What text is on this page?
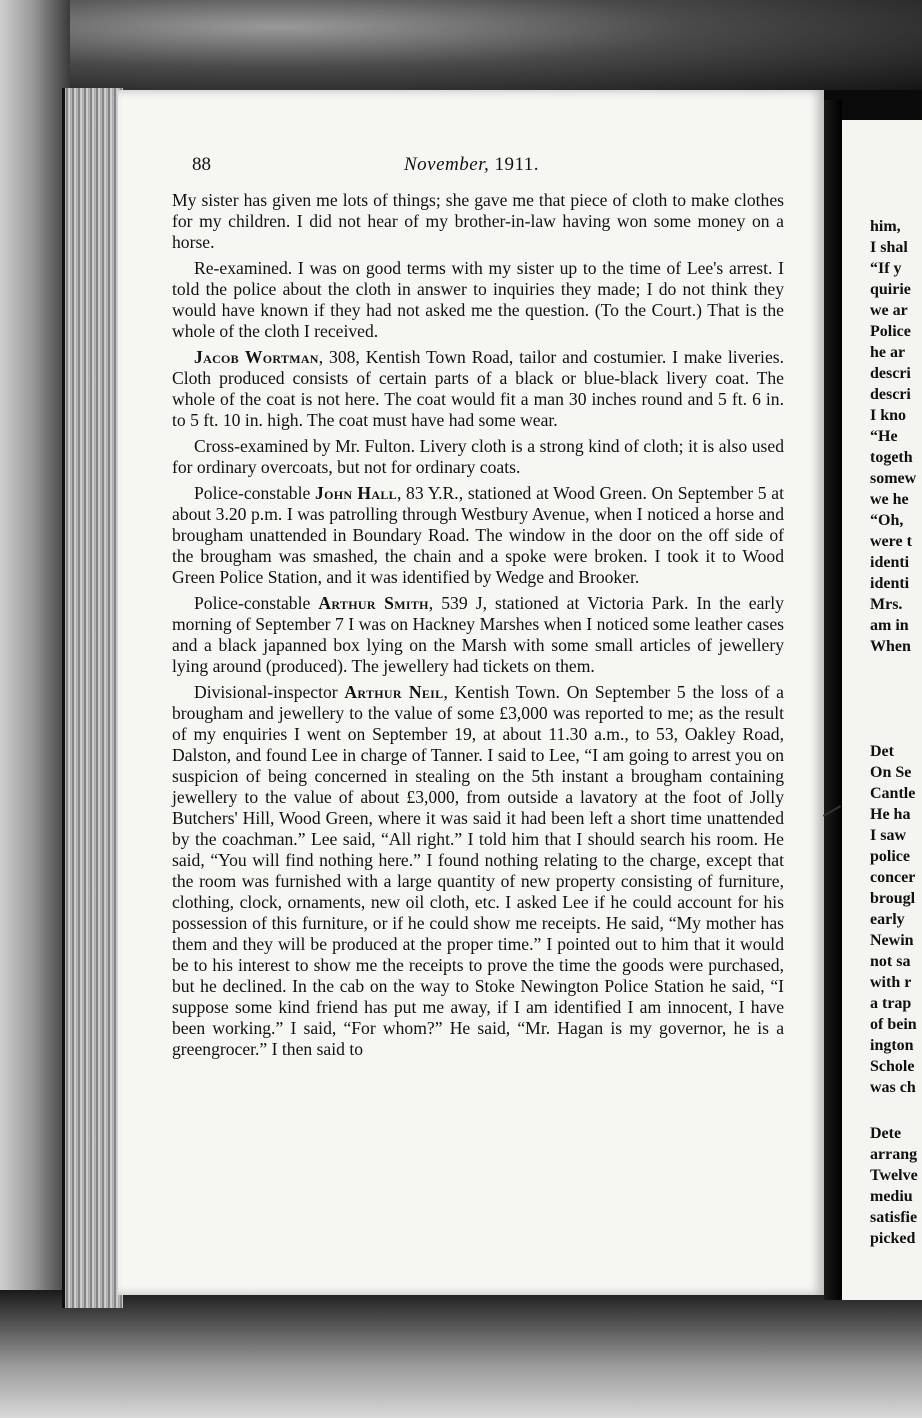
88	November, 1911.

My sister has given me lots of things; she gave me that piece of cloth to make clothes for my children. I did not hear of my brother-in-law having won some money on a horse.

Re-examined. I was on good terms with my sister up to the time of Lee's arrest. I told the police about the cloth in answer to inquiries they made; I do not think they would have known if they had not asked me the question. (To the Court.) That is the whole of the cloth I received.

Jacob Wortman, 308, Kentish Town Road, tailor and costumier. I make liveries. Cloth produced consists of certain parts of a black or blue-black livery coat. The whole of the coat is not here. The coat would fit a man 30 inches round and 5 ft. 6 in. to 5 ft. 10 in. high. The coat must have had some wear.

Cross-examined by Mr. Fulton. Livery cloth is a strong kind of cloth; it is also used for ordinary overcoats, but not for ordinary coats.

Police-constable John Hall, 83 Y.R., stationed at Wood Green. On September 5 at about 3.20 p.m. I was patrolling through Westbury Avenue, when I noticed a horse and brougham unattended in Boundary Road. The window in the door on the off side of the brougham was smashed, the chain and a spoke were broken. I took it to Wood Green Police Station, and it was identified by Wedge and Brooker.

Police-constable Arthur Smith, 539 J, stationed at Victoria Park. In the early morning of September 7 I was on Hackney Marshes when I noticed some leather cases and a black japanned box lying on the Marsh with some small articles of jewellery lying around (produced). The jewellery had tickets on them.

Divisional-inspector Arthur Neil, Kentish Town. On September 5 the loss of a brougham and jewellery to the value of some £3,000 was reported to me; as the result of my enquiries I went on September 19, at about 11.30 a.m., to 53, Oakley Road, Dalston, and found Lee in charge of Tanner. I said to Lee, “I am going to arrest you on suspicion of being concerned in stealing on the 5th instant a brougham containing jewellery to the value of about £3,000, from outside a lavatory at the foot of Jolly Butchers' Hill, Wood Green, where it was said it had been left a short time unattended by the coachman.” Lee said, “All right.” I told him that I should search his room. He said, “You will find nothing here.” I found nothing relating to the charge, except that the room was furnished with a large quantity of new property consisting of furniture, clothing, clock, ornaments, new oil cloth, etc. I asked Lee if he could account for his possession of this furniture, or if he could show me receipts. He said, “My mother has them and they will be produced at the proper time.” I pointed out to him that it would be to his interest to show me the receipts to prove the time the goods were purchased, but he declined. In the cab on the way to Stoke Newington Police Station he said, “I suppose some kind friend has put me away, if I am identified I am innocent, I have been working.” I said, “For whom?” He said, “Mr. Hagan is my governor, he is a greengrocer.” I then said to

him,
I shal
“If y
quirie
we ar
Police
he ar
descri
descri
I kno
“He
togeth
somew
we he
“Oh,
were t
identi
identi
Mrs.
am in
When
Det
On Se
Cantle
He ha
I saw
police
concer
brougl
early
Newin
not sa
with r
a trap
of bein
ington
Schole
was ch
Dete
arrang
Twelve
mediu
satisfie
picked
